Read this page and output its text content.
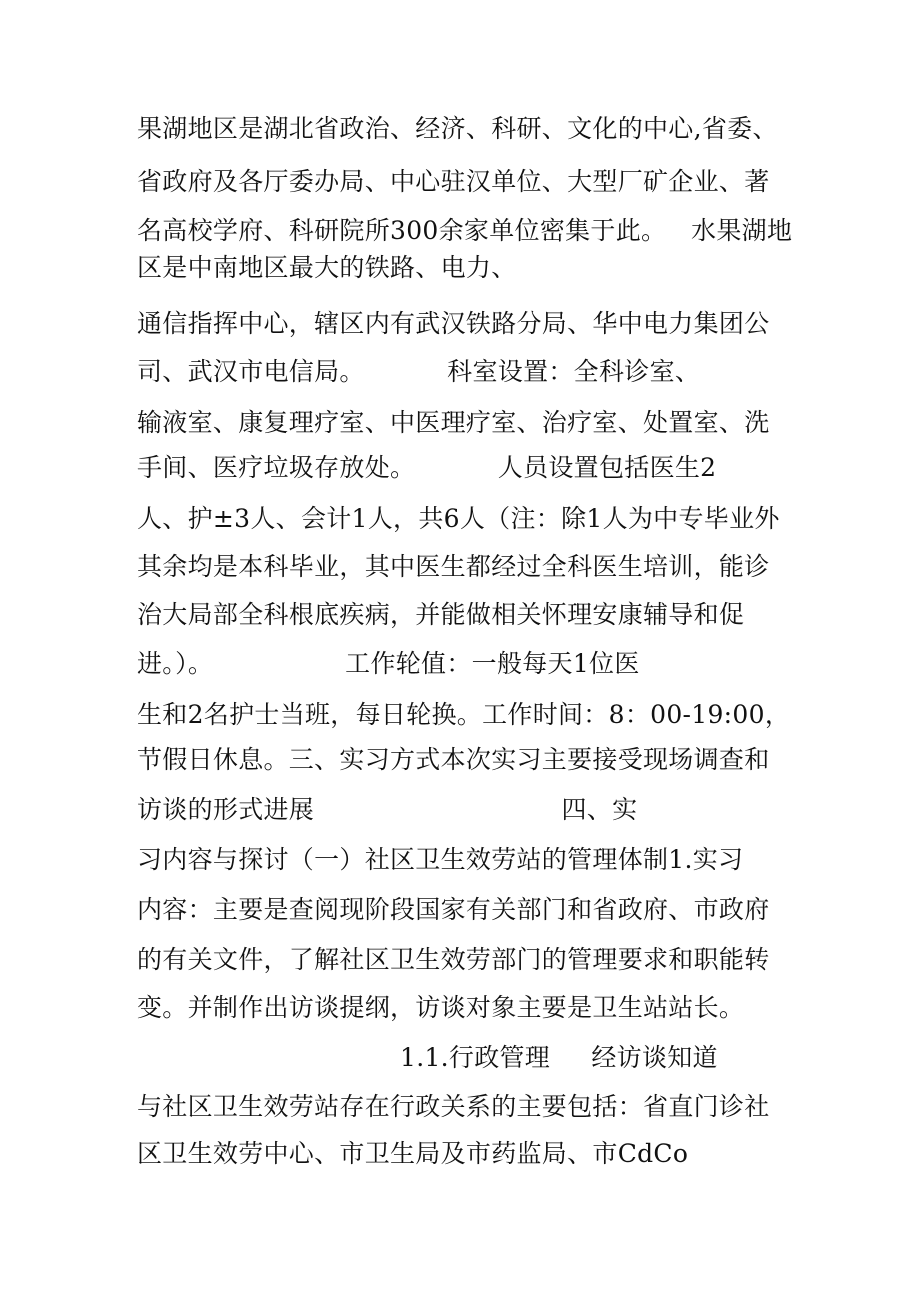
果湖地区是湖北省政治、经济、科研、文化的中心,省委、
省政府及各厅委办局、中心驻汉单位、大型厂矿企业、著
名高校学府、科研院所300余家单位密集于此。   水果湖地
区是中南地区最大的铁路、电力、
通信指挥中心，辖区内有武汉铁路分局、华中电力集团公
司、武汉市电信局。          科室设置：全科诊室、
输液室、康复理疗室、中医理疗室、治疗室、处置室、洗
手间、医疗垃圾存放处。          人员设置包括医生2
人、护±3人、会计1人，共6人（注：除1人为中专毕业外
其余均是本科毕业，其中医生都经过全科医生培训，能诊
治大局部全科根底疾病，并能做相关怀理安康辅导和促
进。）。                工作轮值：一般每天1位医
生和2名护士当班，每日轮换。工作时间：8：00-19:00，
节假日休息。三、实习方式本次实习主要接受现场调查和
访谈的形式进展                              四、实
习内容与探讨（一）社区卫生效劳站的管理体制1.实习
内容：主要是查阅现阶段国家有关部门和省政府、市政府
的有关文件，了解社区卫生效劳部门的管理要求和职能转
变。并制作出访谈提纲，访谈对象主要是卫生站站长。
1.1.行政管理     经访谈知道
与社区卫生效劳站存在行政关系的主要包括：省直门诊社
区卫生效劳中心、市卫生局及市药监局、市CdCo
